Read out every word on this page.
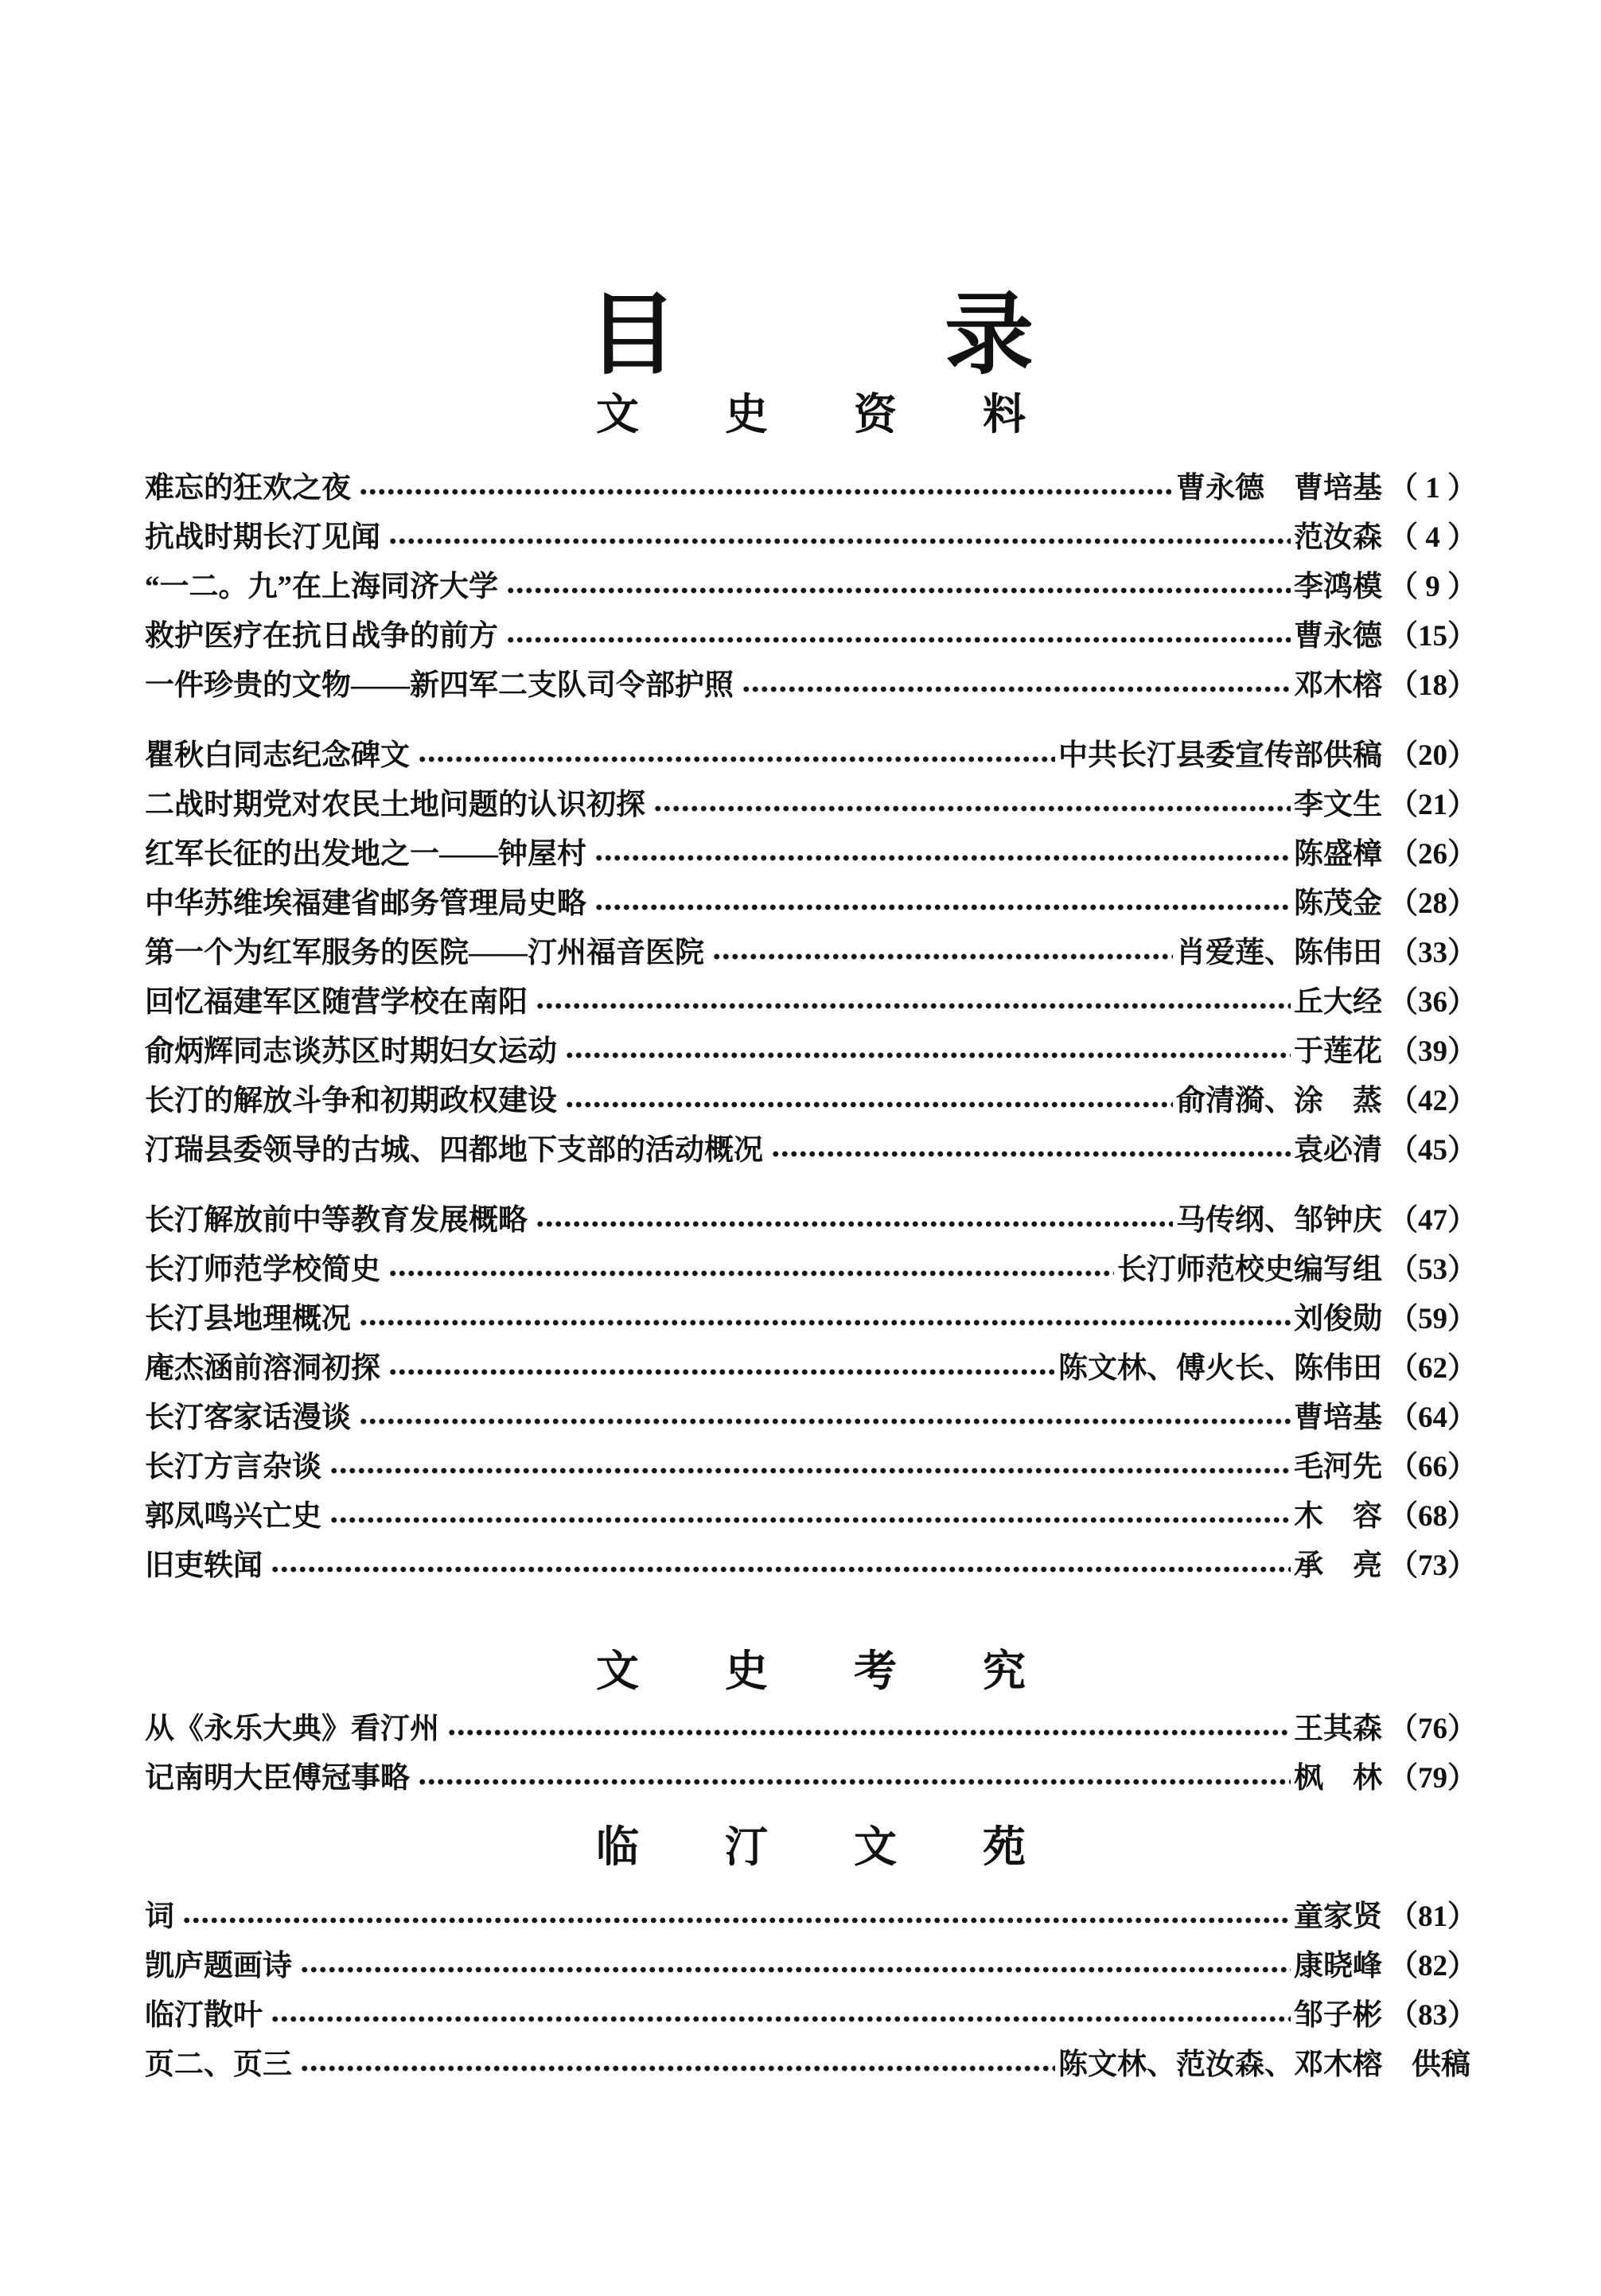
目　　　录
文　　史　　资　　料
难忘的狂欢之夜	曹永德　曹培基 （ 1 ）
抗战时期长汀见闻	范汝森 （ 4 ）
“一二。九”在上海同济大学	李鸿模 （ 9 ）
救护医疗在抗日战争的前方	曹永德 （15）
一件珍贵的文物——新四军二支队司令部护照	邓木榕 （18）
瞿秋白同志纪念碑文	中共长汀县委宣传部供稿 （20）
二战时期党对农民土地问题的认识初探	李文生 （21）
红军长征的出发地之一——钟屋村	陈盛樟 （26）
中华苏维埃福建省邮务管理局史略	陈茂金 （28）
第一个为红军服务的医院——汀州福音医院	肖爱莲、陈伟田 （33）
回忆福建军区随营学校在南阳	丘大经 （36）
俞炳辉同志谈苏区时期妇女运动	于莲花 （39）
长汀的解放斗争和初期政权建设	俞清漪、涂　蒸 （42）
汀瑞县委领导的古城、四都地下支部的活动概况	袁必清 （45）
长汀解放前中等教育发展概略	马传纲、邹钟庆 （47）
长汀师范学校简史	长汀师范校史编写组 （53）
长汀县地理概况	刘俊勋 （59）
庵杰涵前溶洞初探	陈文林、傅火长、陈伟田 （62）
长汀客家话漫谈	曹培基 （64）
长汀方言杂谈	毛河先 （66）
郭凤鸣兴亡史	木　容 （68）
旧吏轶闻	承　亮 （73）
文　　史　　考　　究
从《永乐大典》看汀州	王其森 （76）
记南明大臣傅冠事略	枫　林 （79）
临　　汀　　文　　苑
词	童家贤 （81）
凯庐题画诗	康晓峰 （82）
临汀散叶	邹子彬 （83）
页二、页三	陈文林、范汝森、邓木榕　供稿
